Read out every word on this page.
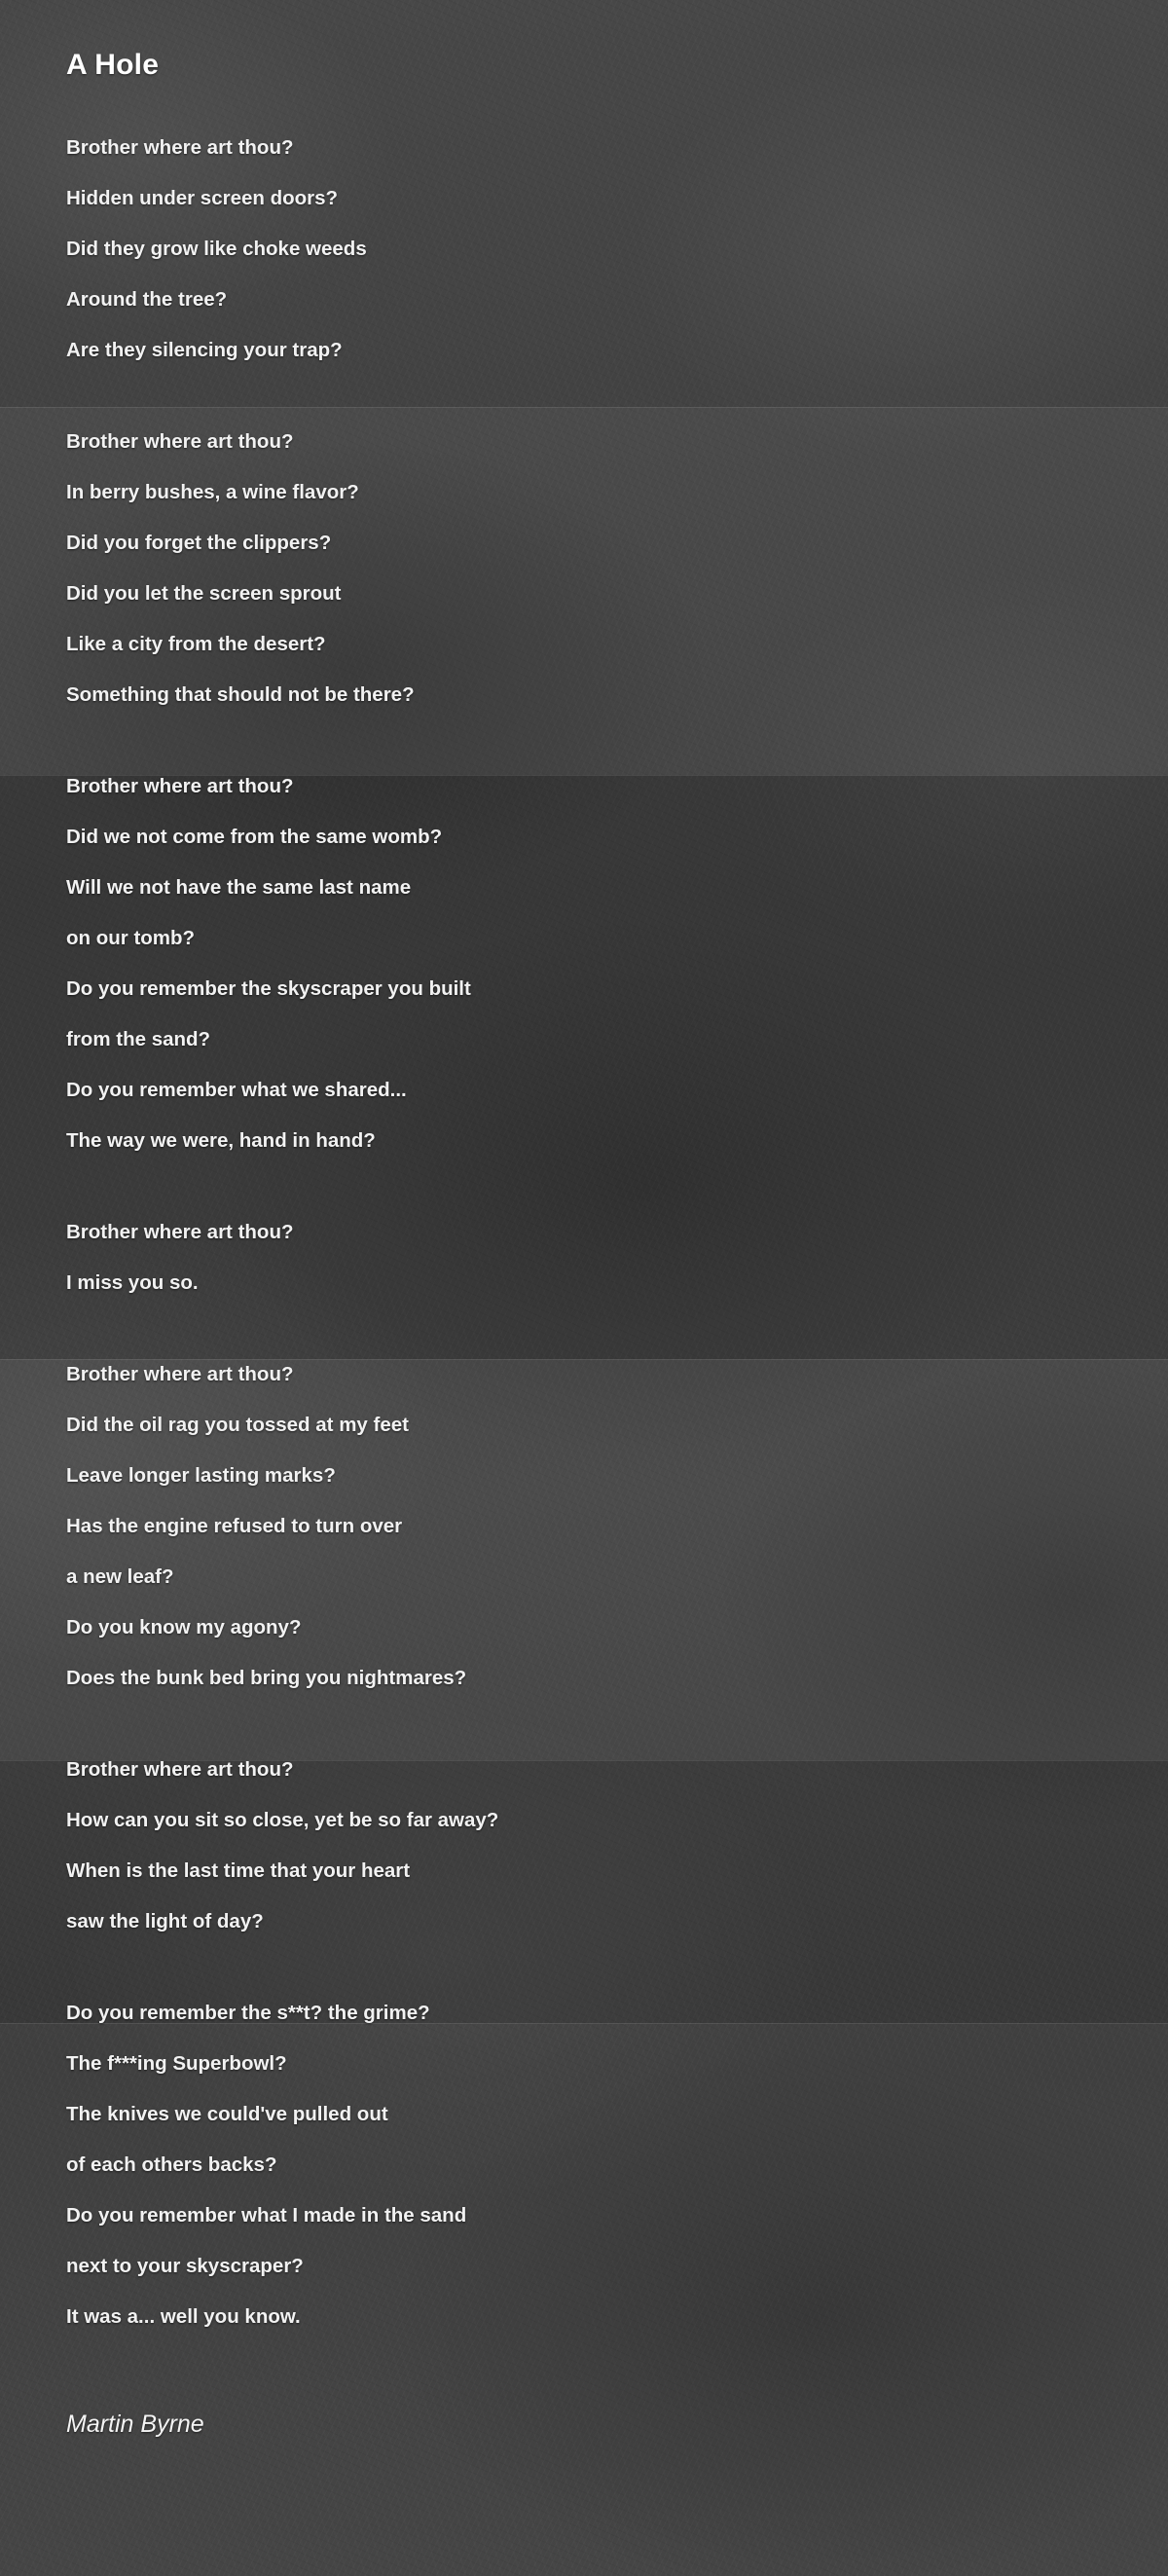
A Hole
Brother where art thou?
Hidden under screen doors?
Did they grow like choke weeds
Around the tree?
Are they silencing your trap?
Brother where art thou?
In berry bushes, a wine flavor?
Did you forget the clippers?
Did you let the screen sprout
Like a city from the desert?
Something that should not be there?
Brother where art thou?
Did we not come from the same womb?
Will we not have the same last name
on our tomb?
Do you remember the skyscraper you built
from the sand?
Do you remember what we shared...
The way we were, hand in hand?
Brother where art thou?
I miss you so.
Brother where art thou?
Did the oil rag you tossed at my feet
Leave longer lasting marks?
Has the engine refused to turn over
a new leaf?
Do you know my agony?
Does the bunk bed bring you nightmares?
Brother where art thou?
How can you sit so close, yet be so far away?
When is the last time that your heart
saw the light of day?
Do you remember the s**t? the grime?
The f***ing Superbowl?
The knives we could've pulled out
of each others backs?
Do you remember what I made in the sand
next to your skyscraper?
It was a... well you know.
Martin Byrne
